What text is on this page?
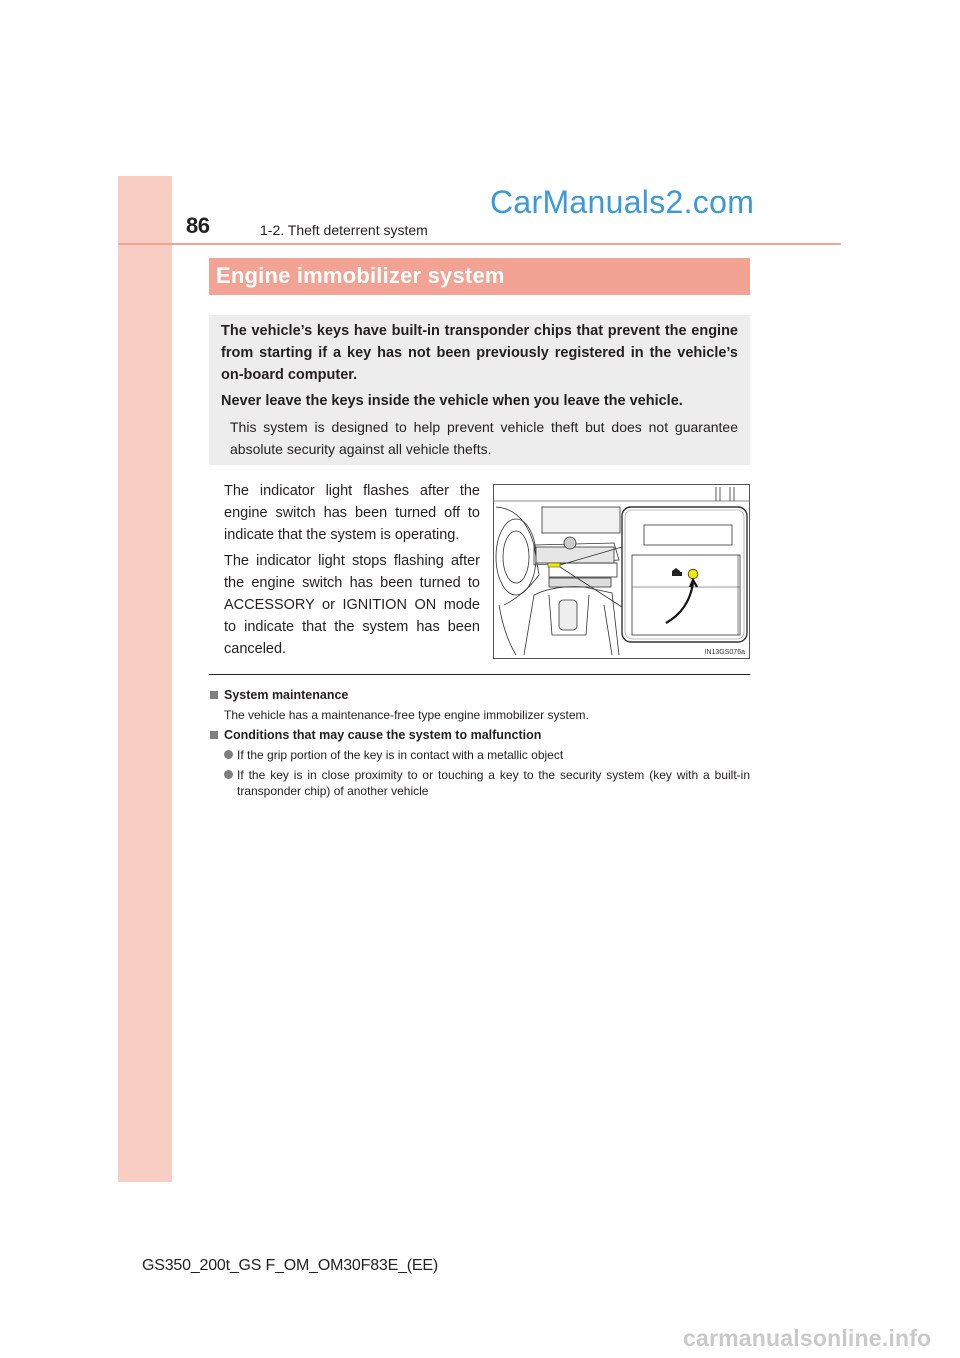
86	1-2. Theft deterrent system
CarManuals2.com
Engine immobilizer system
The vehicle’s keys have built-in transponder chips that prevent the engine from starting if a key has not been previously registered in the vehicle’s on-board computer.
Never leave the keys inside the vehicle when you leave the vehicle.
This system is designed to help prevent vehicle theft but does not guarantee absolute security against all vehicle thefts.

The indicator light flashes after the engine switch has been turned off to indicate that the system is operating.

The indicator light stops flashing after the engine switch has been turned to ACCESSORY or IGNITION ON mode to indicate that the system has been canceled.	IN13GS076a
System maintenance
The vehicle has a maintenance-free type engine immobilizer system.
Conditions that may cause the system to malfunction
If the grip portion of the key is in contact with a metallic object
If the key is in close proximity to or touching a key to the security system (key with a built-in transponder chip) of another vehicle
GS350_200t_GS F_OM_OM30F83E_(EE)
carmanualsonline.info
